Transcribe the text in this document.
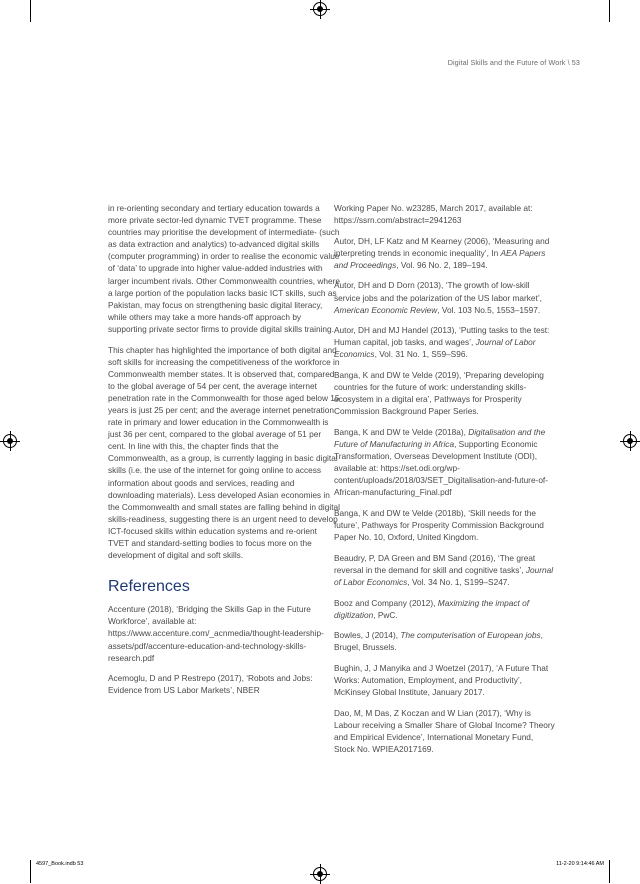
Digital Skills and the Future of Work \ 53

in re-orienting secondary and tertiary education towards a more private sector-led dynamic TVET programme. These countries may prioritise the development of intermediate- (such as data extraction and analytics) to-advanced digital skills (computer programming) in order to realise the economic value of ‘data’ to upgrade into higher value-added industries with larger incumbent rivals. Other Commonwealth countries, where a large portion of the population lacks basic ICT skills, such as Pakistan, may focus on strengthening basic digital literacy, while others may take a more hands-off approach by supporting private sector firms to provide digital skills training.

This chapter has highlighted the importance of both digital and soft skills for increasing the competitiveness of the workforce in Commonwealth member states. It is observed that, compared to the global average of 54 per cent, the average internet penetration rate in the Commonwealth for those aged below 15 years is just 25 per cent; and the average internet penetration rate in primary and lower education in the Commonwealth is just 36 per cent, compared to the global average of 51 per cent. In line with this, the chapter finds that the Commonwealth, as a group, is currently lagging in basic digital skills (i.e. the use of the internet for going online to access information about goods and services, reading and downloading materials). Less developed Asian economies in the Commonwealth and small states are falling behind in digital skills-readiness, suggesting there is an urgent need to develop ICT-focused skills within education systems and re-orient TVET and standard-setting bodies to focus more on the development of digital and soft skills.

References
Accenture (2018), ‘Bridging the Skills Gap in the Future Workforce’, available at: https://www.accenture.com/_acnmedia/thought-leadership-assets/pdf/accenture-education-and-technology-skills-research.pdf
Acemoglu, D and P Restrepo (2017), ‘Robots and Jobs: Evidence from US Labor Markets’, NBER
Working Paper No. w23285, March 2017, available at: https://ssrn.com/abstract=2941263
Autor, DH, LF Katz and M Kearney (2006), ‘Measuring and interpreting trends in economic inequality’, In AEA Papers and Proceedings, Vol. 96 No. 2, 189–194.
Autor, DH and D Dorn (2013), ‘The growth of low-skill service jobs and the polarization of the US labor market’, American Economic Review, Vol. 103 No.5, 1553–1597.
Autor, DH and MJ Handel (2013), ‘Putting tasks to the test: Human capital, job tasks, and wages’, Journal of Labor Economics, Vol. 31 No. 1, S59–S96.
Banga, K and DW te Velde (2019), ‘Preparing developing countries for the future of work: understanding skills-ecosystem in a digital era’, Pathways for Prosperity Commission Background Paper Series.
Banga, K and DW te Velde (2018a), Digitalisation and the Future of Manufacturing in Africa, Supporting Economic Transformation, Overseas Development Institute (ODI), available at: https://set.odi.org/wp-content/uploads/2018/03/SET_Digitalisation-and-future-of-African-manufacturing_Final.pdf
Banga, K and DW te Velde (2018b), ‘Skill needs for the future’, Pathways for Prosperity Commission Background Paper No. 10, Oxford, United Kingdom.
Beaudry, P, DA Green and BM Sand (2016), ‘The great reversal in the demand for skill and cognitive tasks’, Journal of Labor Economics, Vol. 34 No. 1, S199–S247.
Booz and Company (2012), Maximizing the impact of digitization, PwC.
Bowles, J (2014), The computerisation of European jobs, Brugel, Brussels.
Bughin, J, J Manyika and J Woetzel (2017), ‘A Future That Works: Automation, Employment, and Productivity’, McKinsey Global Institute, January 2017.
Dao, M, M Das, Z Koczan and W Lian (2017), ‘Why is Labour receiving a Smaller Share of Global Income? Theory and Empirical Evidence’, International Monetary Fund, Stock No. WPIEA2017169.
4597_Book.indb 53	11-2-20 9:14:46 AM
